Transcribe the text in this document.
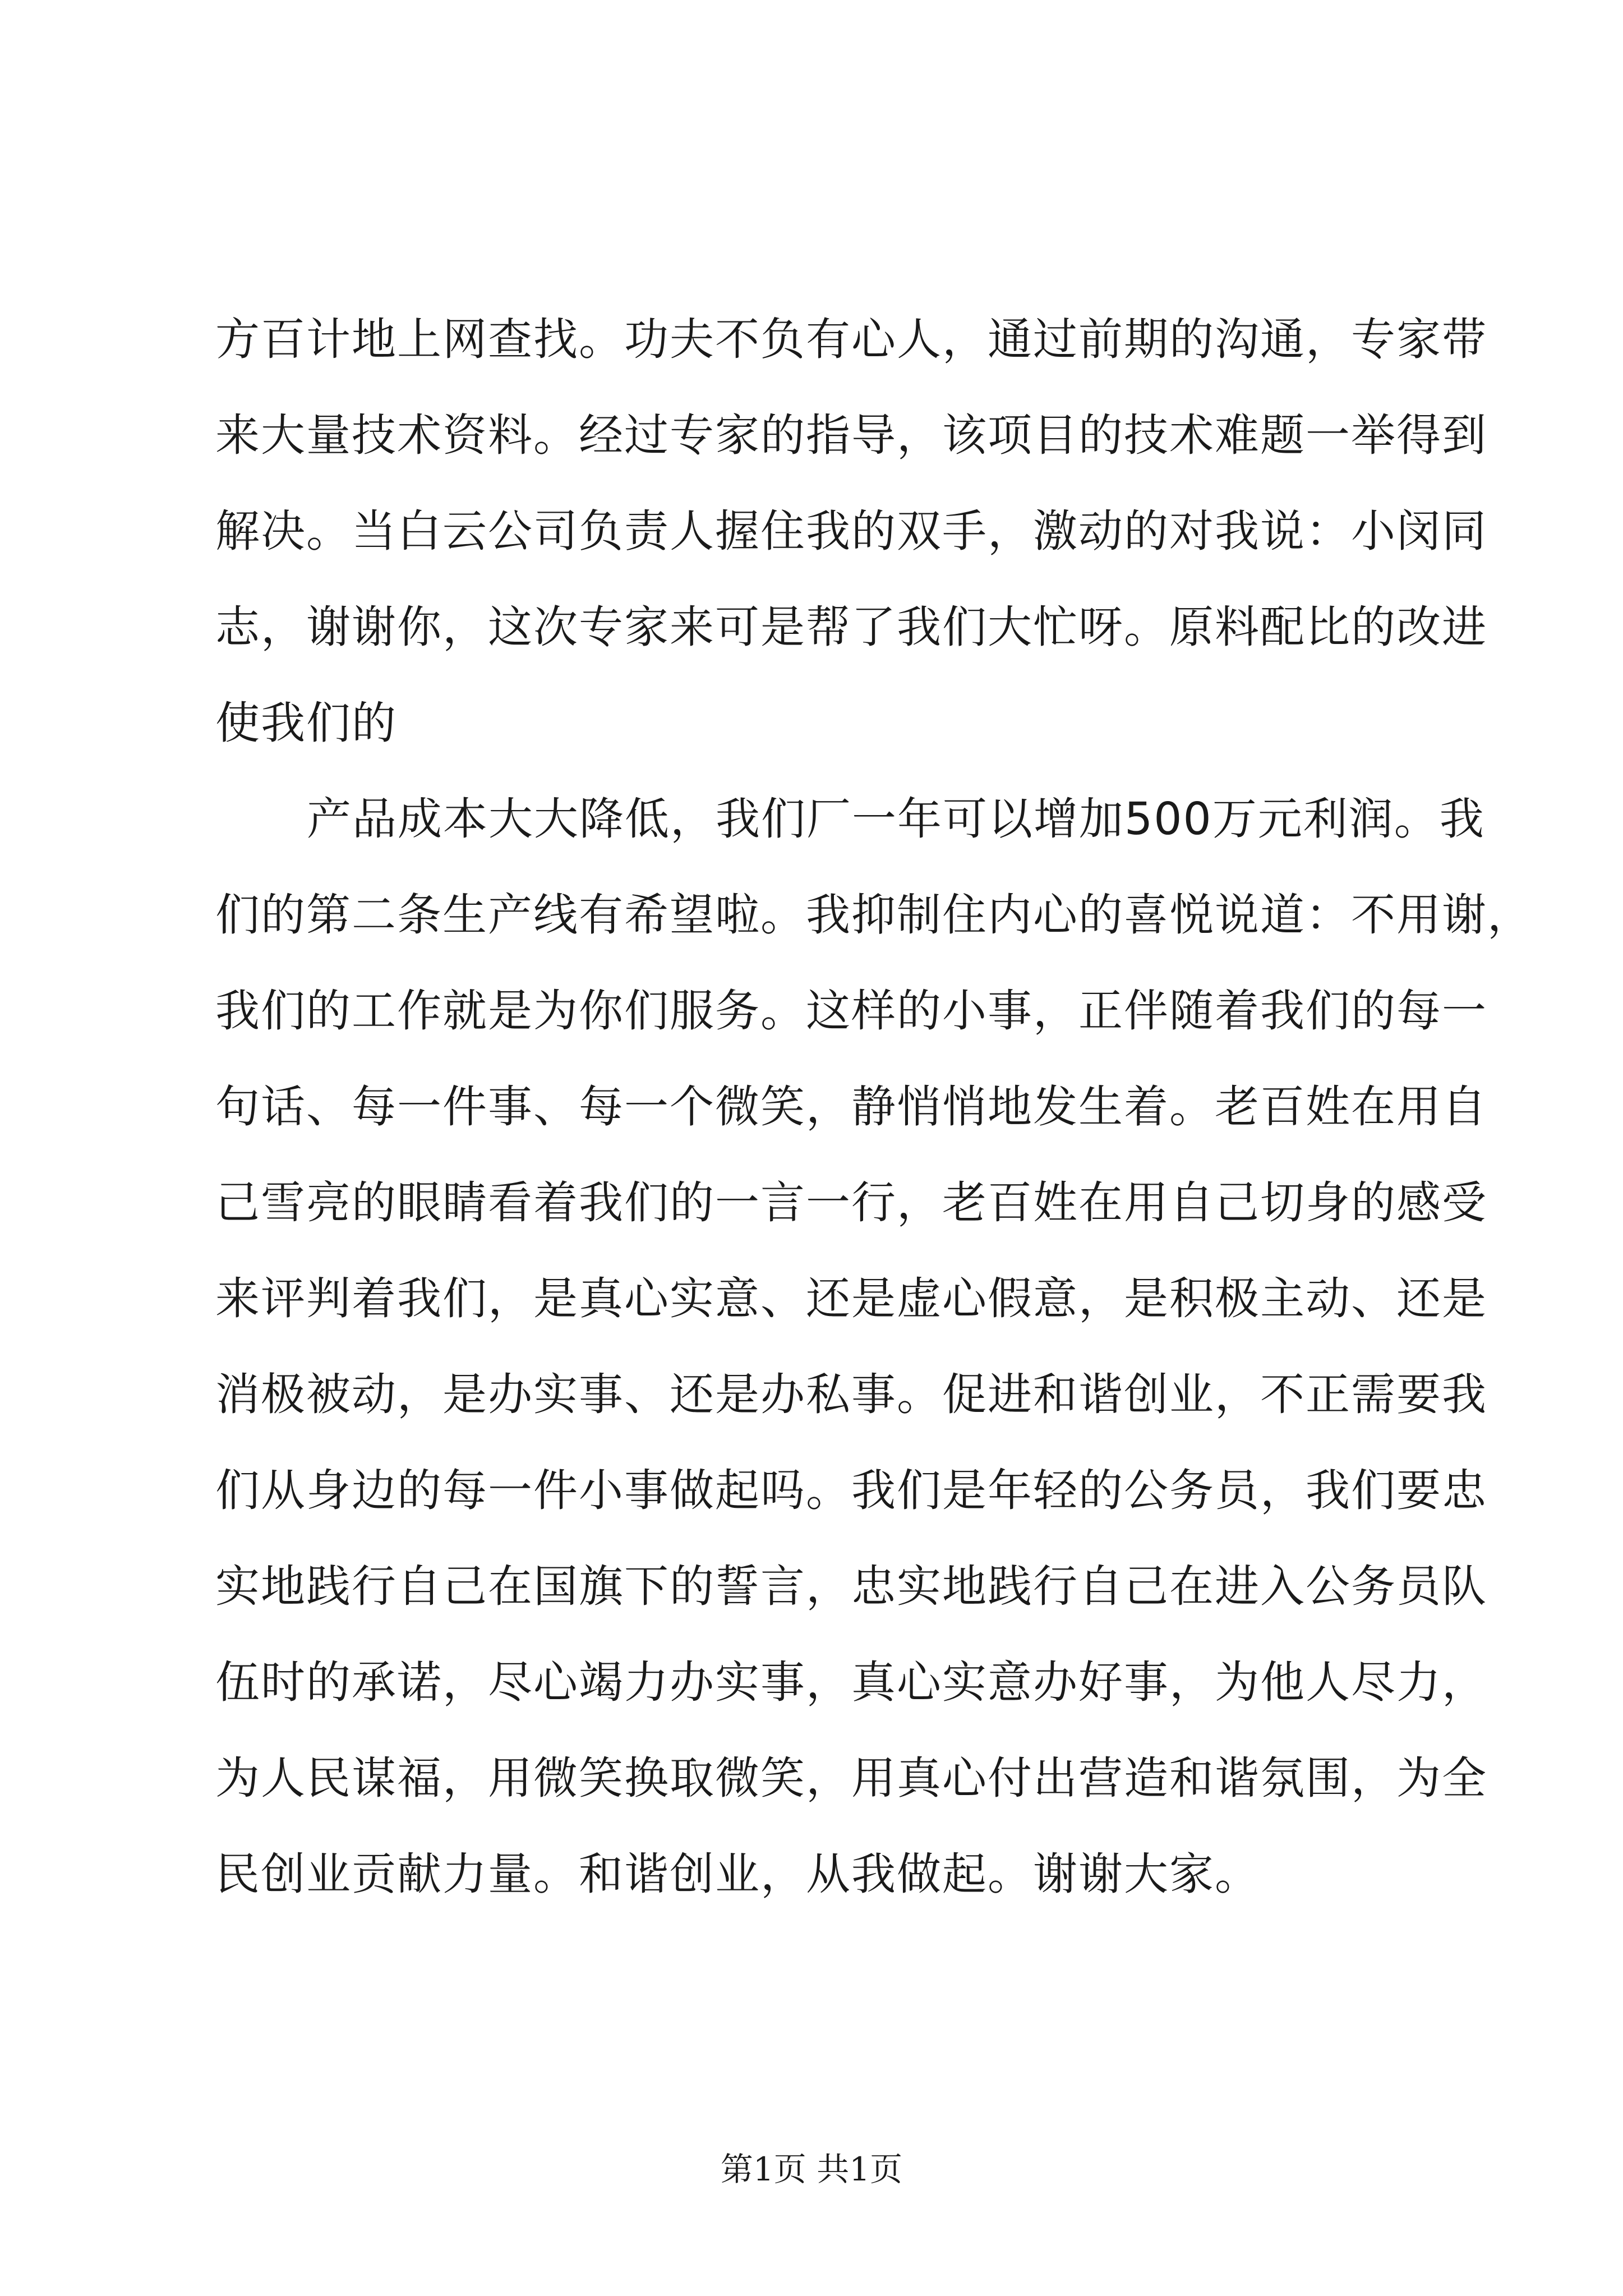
方百计地上网查找。功夫不负有心人，通过前期的沟通，专家带
来大量技术资料。经过专家的指导，该项目的技术难题一举得到
解决。当白云公司负责人握住我的双手，激动的对我说：小闵同
志，谢谢你，这次专家来可是帮了我们大忙呀。原料配比的改进
使我们的
产品成本大大降低，我们厂一年可以增加500万元利润。我
们的第二条生产线有希望啦。我抑制住内心的喜悦说道：不用谢，
我们的工作就是为你们服务。这样的小事，正伴随着我们的每一
句话、每一件事、每一个微笑，静悄悄地发生着。老百姓在用自
己雪亮的眼睛看着我们的一言一行，老百姓在用自己切身的感受
来评判着我们，是真心实意、还是虚心假意，是积极主动、还是
消极被动，是办实事、还是办私事。促进和谐创业，不正需要我
们从身边的每一件小事做起吗。我们是年轻的公务员，我们要忠
实地践行自己在国旗下的誓言，忠实地践行自己在进入公务员队
伍时的承诺，尽心竭力办实事，真心实意办好事，为他人尽力，
为人民谋福，用微笑换取微笑，用真心付出营造和谐氛围，为全
民创业贡献力量。和谐创业，从我做起。谢谢大家。
第1页 共1页
